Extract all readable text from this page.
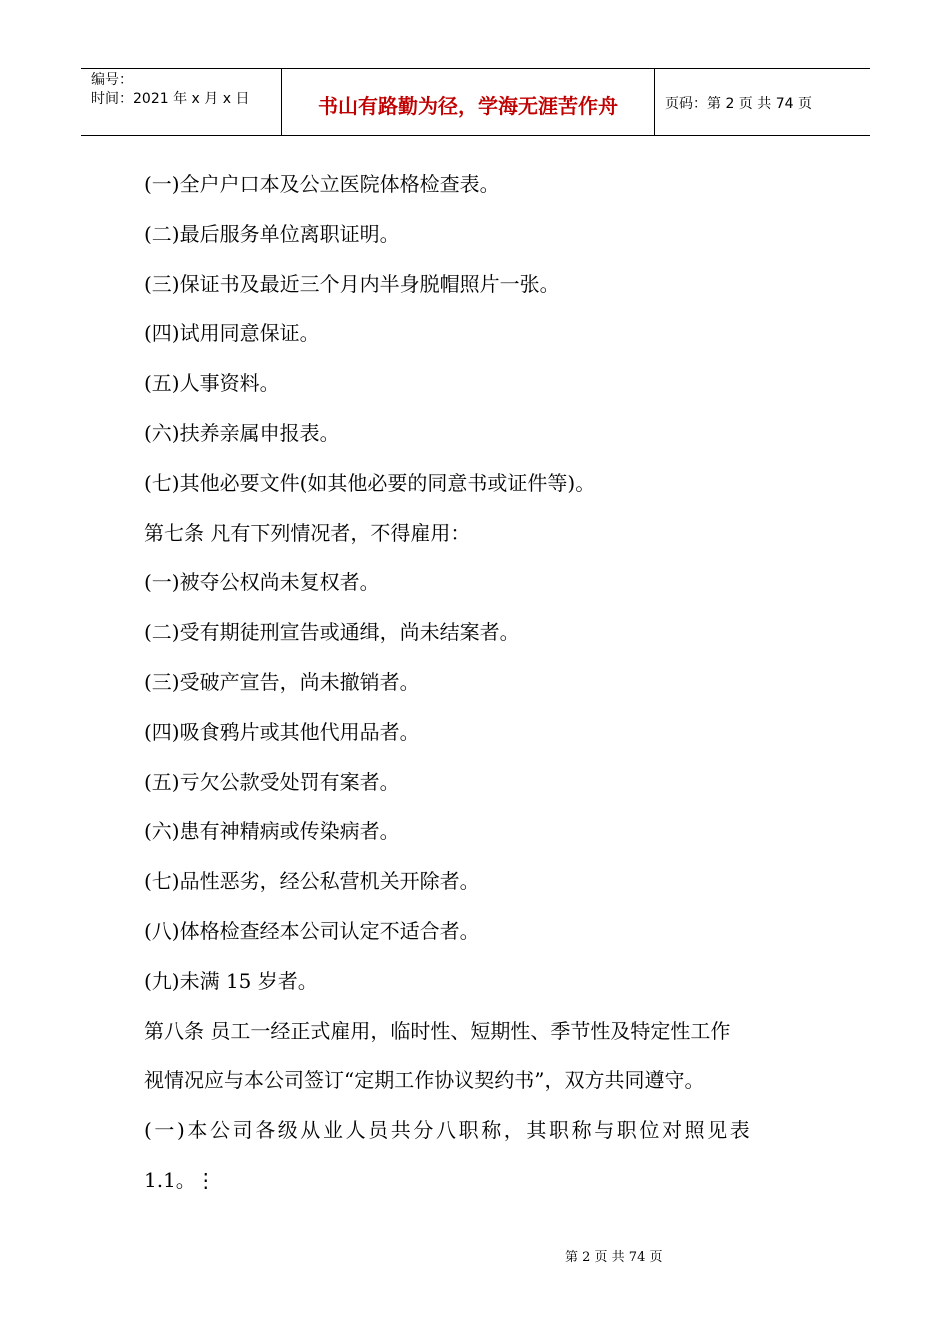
编号：
时间：2021 年 x 月 x 日	书山有路勤为径，学海无涯苦作舟	页码：第 2 页 共 74 页
(一)全户户口本及公立医院体格检查表。
(二)最后服务单位离职证明。
(三)保证书及最近三个月内半身脱帽照片一张。
(四)试用同意保证。
(五)人事资料。
(六)扶养亲属申报表。
(七)其他必要文件(如其他必要的同意书或证件等)。
第七条 凡有下列情况者，不得雇用：
(一)被夺公权尚未复权者。
(二)受有期徒刑宣告或通缉，尚未结案者。
(三)受破产宣告，尚未撤销者。
(四)吸食鸦片或其他代用品者。
(五)亏欠公款受处罚有案者。
(六)患有神精病或传染病者。
(七)品性恶劣，经公私营机关开除者。
(八)体格检查经本公司认定不适合者。
(九)未满 15 岁者。
第八条 员工一经正式雇用，临时性、短期性、季节性及特定性工作
视情况应与本公司签订“定期工作协议契约书”，双方共同遵守。
(一)本公司各级从业人员共分八职称，其职称与职位对照见表
1.1。⋮
第 2 页 共 74 页
